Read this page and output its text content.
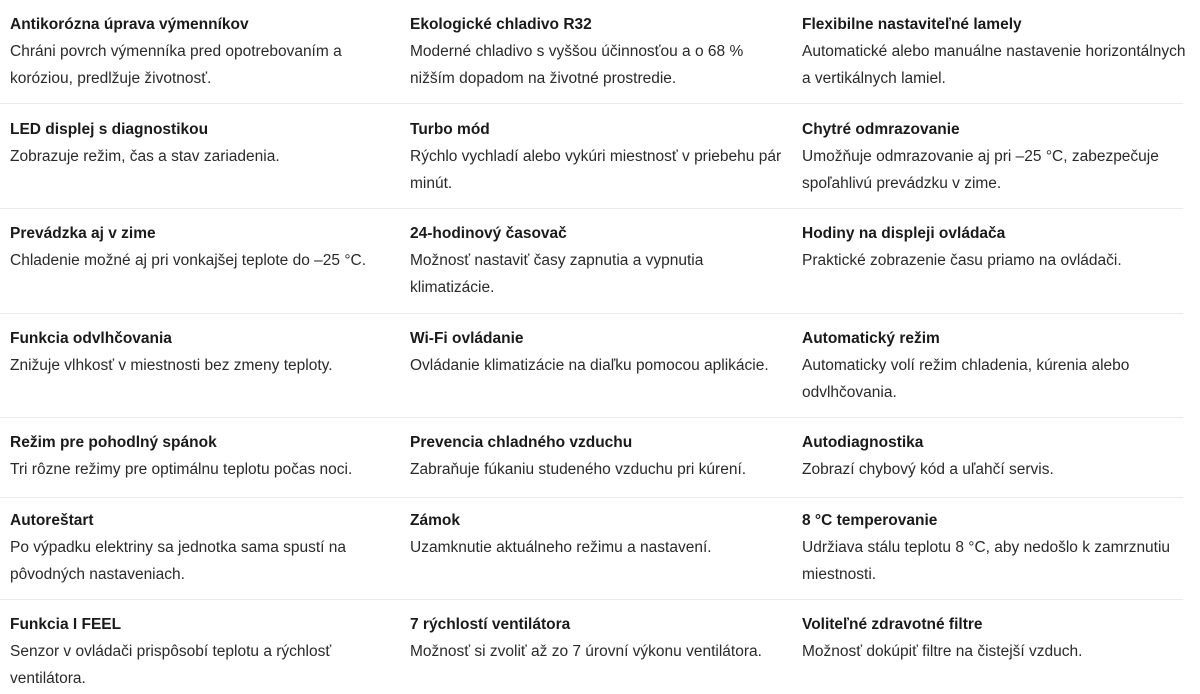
Antikorózna úprava výmenníkov
Chráni povrch výmenníka pred opotrebovaním a koróziou, predlžuje životnosť.
Ekologické chladivo R32
Moderné chladivo s vyššou účinnosťou a o 68 % nižším dopadom na životné prostredie.
Flexibilne nastaviteľné lamely
Automatické alebo manuálne nastavenie horizontálnych a vertikálnych lamiel.
LED displej s diagnostikou
Zobrazuje režim, čas a stav zariadenia.
Turbo mód
Rýchlo vychladí alebo vykúri miestnosť v priebehu pár minút.
Chytré odmrazovanie
Umožňuje odmrazovanie aj pri –25 °C, zabezpečuje spoľahlivú prevádzku v zime.
Prevádzka aj v zime
Chladenie možné aj pri vonkajšej teplote do –25 °C.
24-hodinový časovač
Možnosť nastaviť časy zapnutia a vypnutia klimatizácie.
Hodiny na displeji ovládača
Praktické zobrazenie času priamo na ovládači.
Funkcia odvlhčovania
Znižuje vlhkosť v miestnosti bez zmeny teploty.
Wi-Fi ovládanie
Ovládanie klimatizácie na diaľku pomocou aplikácie.
Automatický režim
Automaticky volí režim chladenia, kúrenia alebo odvlhčovania.
Režim pre pohodlný spánok
Tri rôzne režimy pre optimálnu teplotu počas noci.
Prevencia chladného vzduchu
Zabraňuje fúkaniu studeného vzduchu pri kúrení.
Autodiagnostika
Zobrazí chybový kód a uľahčí servis.
Autoreštart
Po výpadku elektriny sa jednotka sama spustí na pôvodných nastaveniach.
Zámok
Uzamknutie aktuálneho režimu a nastavení.
8 °C temperovanie
Udržiava stálu teplotu 8 °C, aby nedošlo k zamrznutiu miestnosti.
Funkcia I FEEL
Senzor v ovládači prispôsobí teplotu a rýchlosť ventilátora.
7 rýchlostí ventilátora
Možnosť si zvoliť až zo 7 úrovní výkonu ventilátora.
Voliteľné zdravotné filtre
Možnosť dokúpiť filtre na čistejší vzduch.
